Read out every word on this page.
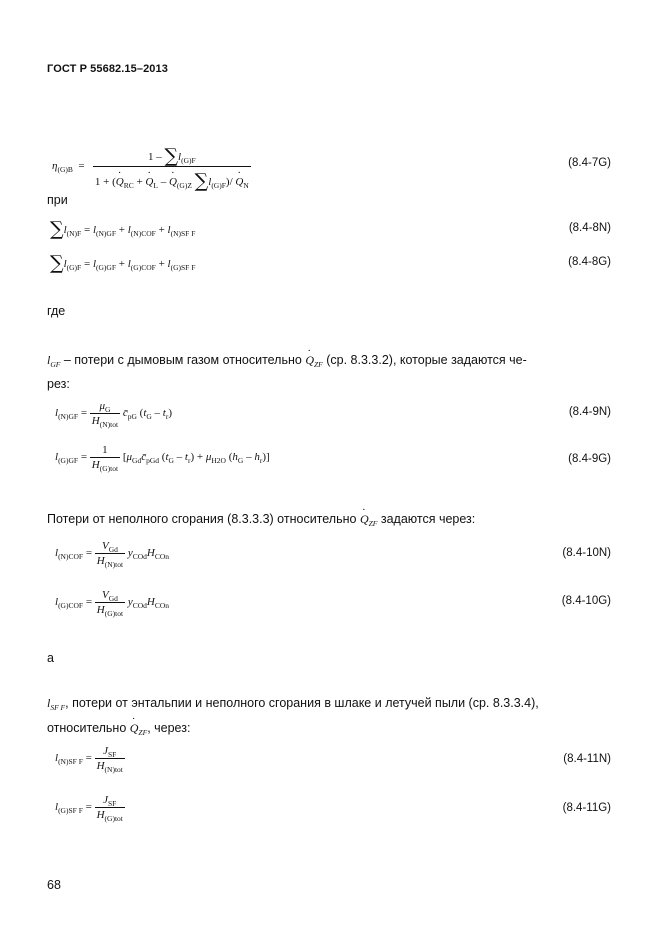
ГОСТ Р 55682.15–2013
$\eta_{(G)B} = \frac{1 - \sum l_{(G)F}}{1 + (\cdot Q_{RC} + \cdot Q_L - \cdot Q_{(G)Z} \sum l_{(G)F})/ \cdot Q_N}$	(8.4-7G)
при
$\sum l_{(N)F} = l_{(N)GF} + l_{(N)COF} + l_{(N)SF F}$	(8.4-8N)
$\sum l_{(G)F} = l_{(G)GF} + l_{(G)COF} + l_{(G)SF F}$	(8.4-8G)
где
$l_{GF}$ – потери с дымовым газом относительно · $Q_{ZF}$ (ср. 8.3.3.2), которые задаются че-
рез:
$l_{(N)GF} = \frac{\mu_G}{H_{(N)tot}}$ $c̄_{pG}$ $(t_G - t_r)$	(8.4-9N)
$l_{(G)GF} = \frac{1}{H_{(G)tot}}$ [$\mu_{Gd}c̄_{pGd}$ $(t_G - t_r) + \mu_{H2O}$ $(h_G - h_r)$]	(8.4-9G)
Потери от неполного сгорания (8.3.3.3) относительно · $Q_{ZF}$ задаются через:
$l_{(N)COF} = \frac{V_{Gd}}{H_{(N)tot}} y_{COd}H_{COn}$	(8.4-10N)
$l_{(G)COF} = \frac{V_{Gd}}{H_{(G)tot}} y_{COd}H_{COn}$	(8.4-10G)
а
$l_{SF F}$, потери от энтальпии и неполного сгорания в шлаке и летучей пыли (ср. 8.3.3.4),
относительно · $Q_{ZF}$, через:
$l_{(N)SF F} = \frac{J_{SF}}{H_{(N)tot}}$	(8.4-11N)
$l_{(G)SF F} = \frac{J_{SF}}{H_{(G)tot}}$	(8.4-11G)
68
